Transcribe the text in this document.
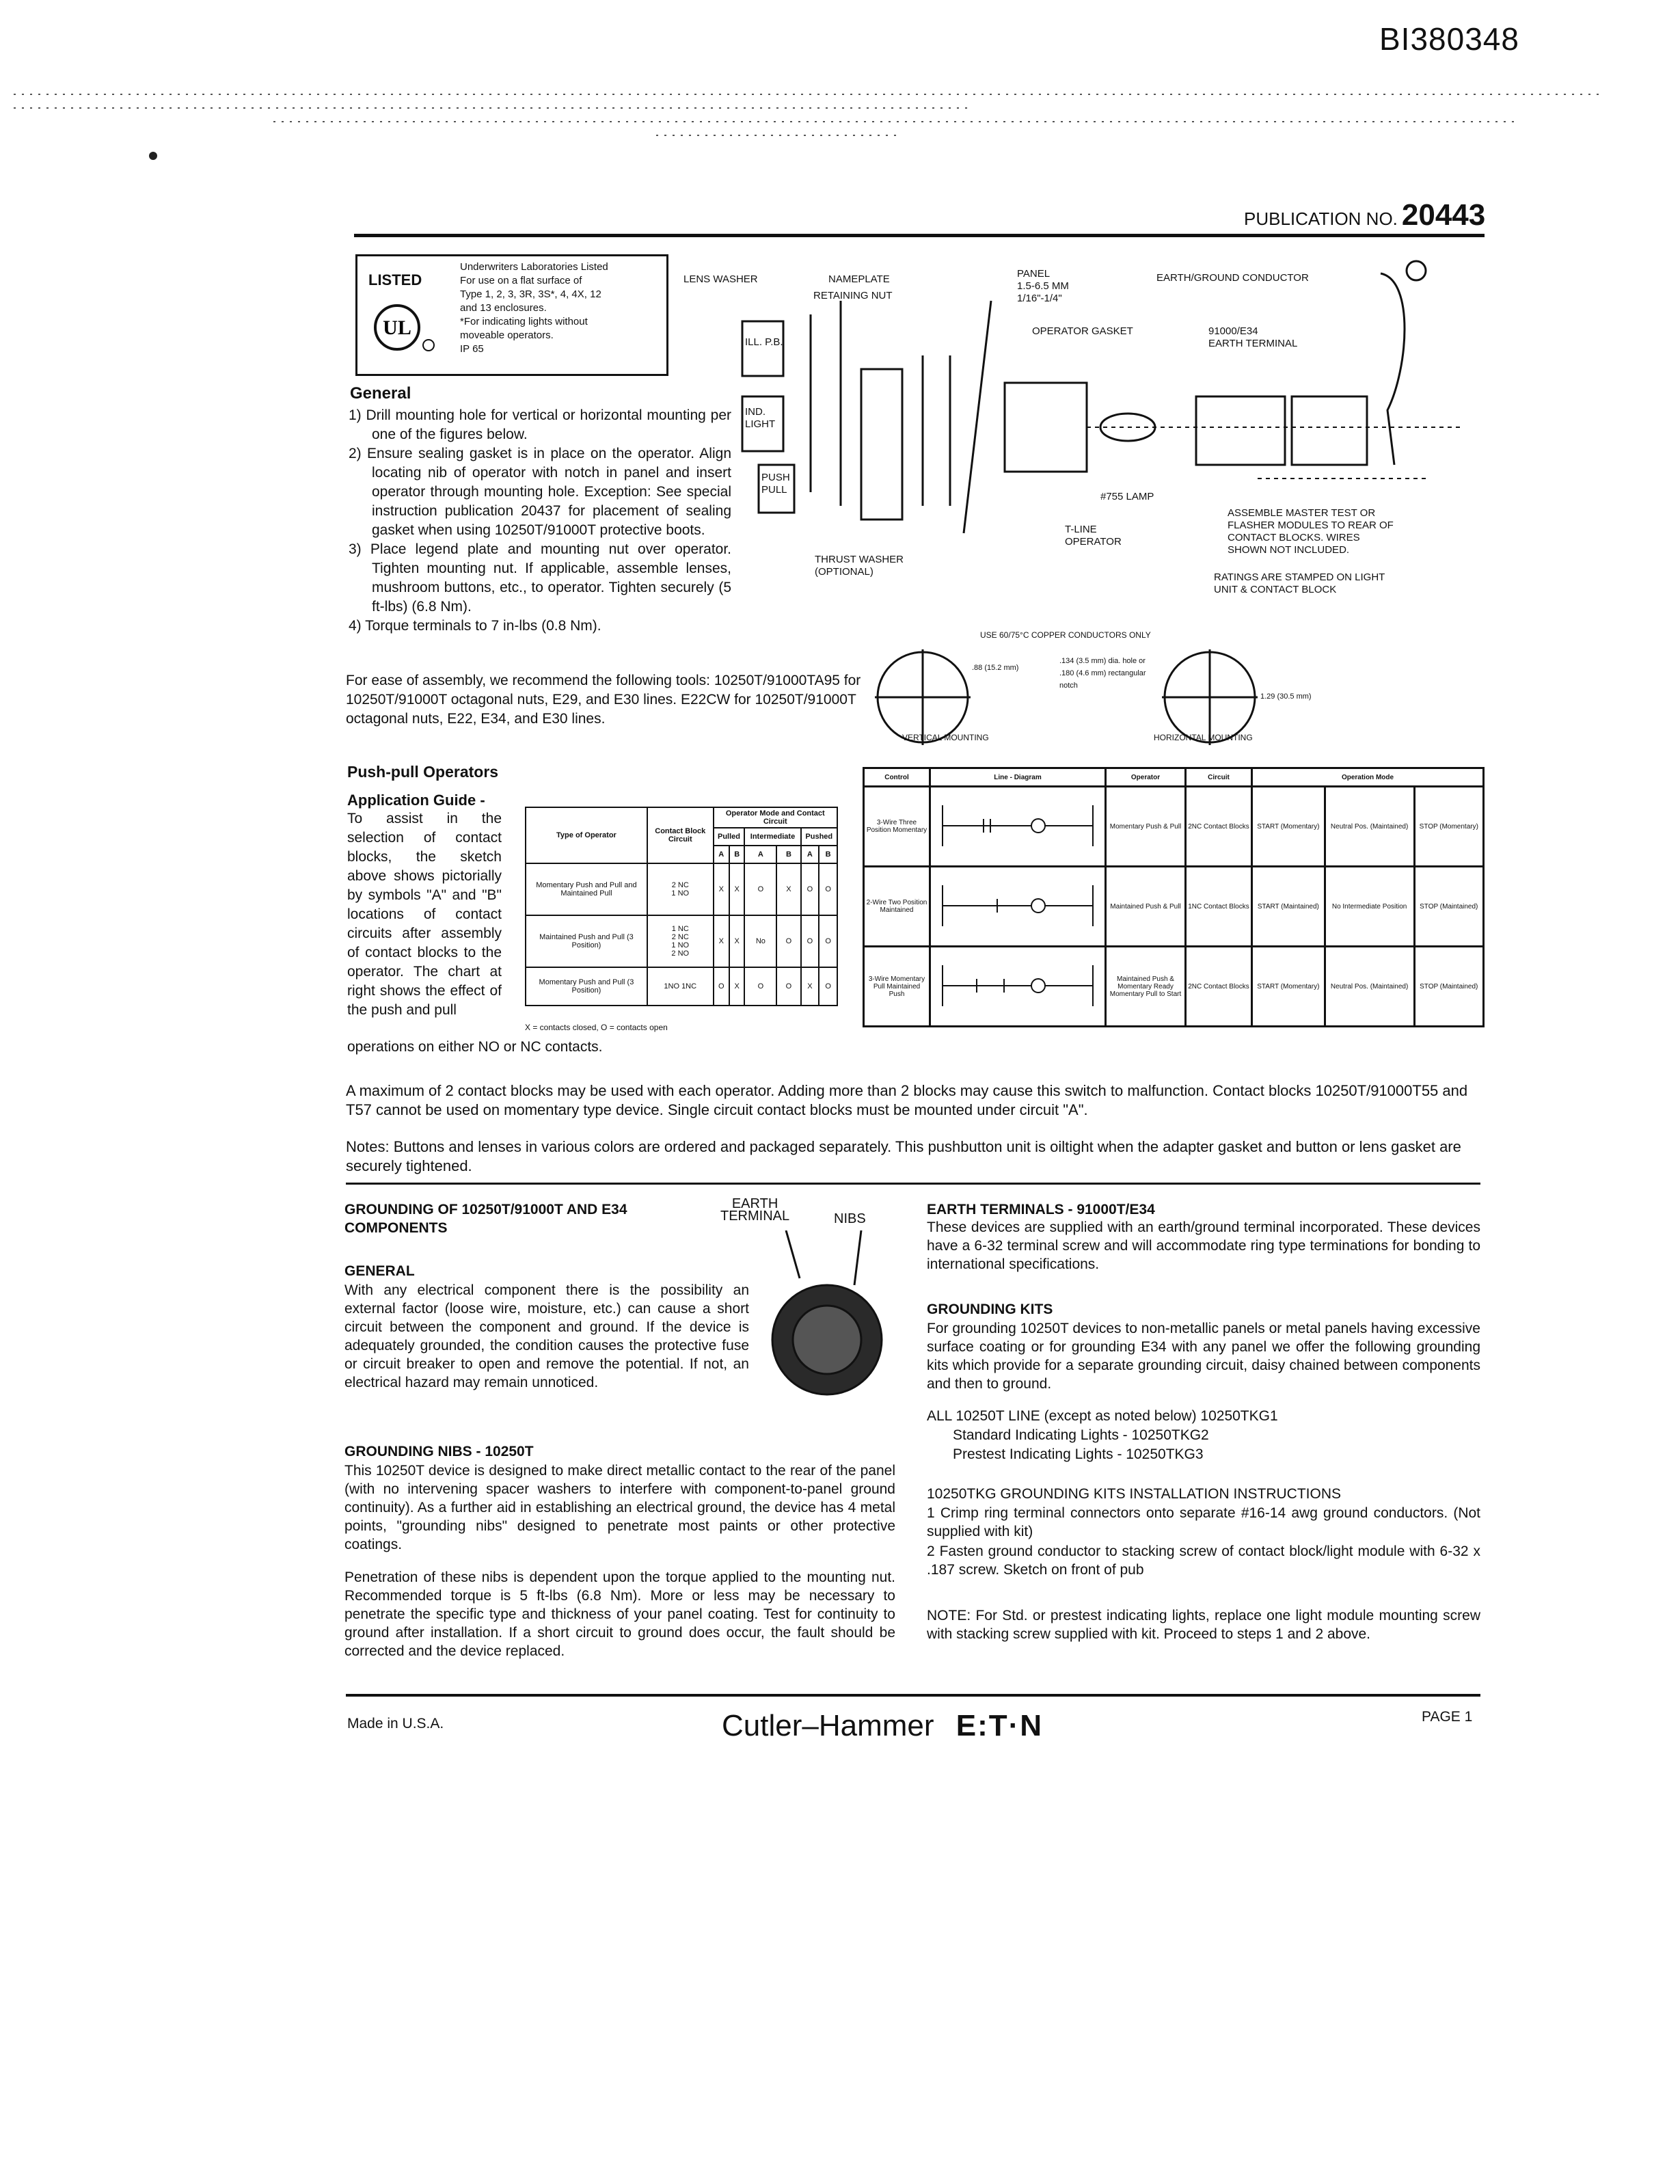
BI380348
PUBLICATION NO. 20443
LISTED
UL
Underwriters Laboratories Listed
For use on a flat surface of
Type 1, 2, 3, 3R, 3S*, 4, 4X, 12
and 13 enclosures.
*For indicating lights without
moveable operators.
IP 65
General
1) Drill mounting hole for vertical or horizontal mounting per one of the figures below.
2) Ensure sealing gasket is in place on the operator. Align locating nib of operator with notch in panel and insert operator through mounting hole. Exception: See special instruction publication 20437 for placement of sealing gasket when using 10250T/91000T protective boots.
3) Place legend plate and mounting nut over operator. Tighten mounting nut. If applicable, assemble lenses, mushroom buttons, etc., to operator. Tighten securely (5 ft-lbs) (6.8 Nm).
4) Torque terminals to 7 in-lbs (0.8 Nm).
For ease of assembly, we recommend the following tools: 10250T/91000TA95 for 10250T/91000T octagonal nuts, E29, and E30 lines. E22CW for 10250T/91000T octagonal nuts, E22, E34, and E30 lines.
LENS WASHER	NAMEPLATE
RETAINING NUT
PANEL
1.5-6.5 MM
1/16"-1/4"
EARTH/GROUND CONDUCTOR
OPERATOR GASKET	91000/E34
EARTH TERMINAL
ILL. P.B.
IND.
LIGHT
PUSH
PULL
THRUST WASHER
(OPTIONAL)
#755 LAMP
T-LINE
OPERATOR
ASSEMBLE MASTER TEST OR
FLASHER MODULES TO REAR OF
CONTACT BLOCKS. WIRES
SHOWN NOT INCLUDED.
RATINGS ARE STAMPED ON LIGHT
UNIT & CONTACT BLOCK
USE 60/75°C COPPER CONDUCTORS ONLY
.88 (15.2 mm)
.134 (3.5 mm) dia. hole or
.180 (4.6 mm) rectangular
notch
1.29 (30.5 mm)
VERTICAL MOUNTING	HORIZONTAL MOUNTING
Push-pull Operators
Application Guide -
To assist in the selection of contact blocks, the sketch above shows pictorially by symbols "A" and "B" locations of contact circuits after assembly of contact blocks to the operator. The chart at right shows the effect of the push and pull
operations on either NO or NC contacts.
Type of Operator	Contact Block Circuit	Operator Mode and Contact Circuit					
		Pulled		Intermediate		Pushed	
		A	B	A	B	A	B
Momentary Push and Pull and Maintained Pull	2 NC
1 NO	X	X	O	X	O	O
Maintained Push and Pull (3 Position)	1 NC
2 NC
1 NO
2 NO	X	X	No	O	O	O
Momentary Push and Pull (3 Position)	1NO 1NC	O	X	O	O	X	O
X = contacts closed, O = contacts open
Control	Line - Diagram	Operator	Circuit	Operation Mode		
3-Wire Three Position Momentary		Momentary Push & Pull	2NC Contact Blocks	START (Momentary)	Neutral Pos. (Maintained)	STOP (Momentary)
2-Wire Two Position Maintained		Maintained Push & Pull	1NC Contact Blocks	START (Maintained)	No Intermediate Position	STOP (Maintained)
3-Wire Momentary Pull Maintained Push		Maintained Push & Momentary Ready Momentary Pull to Start	2NC Contact Blocks	START (Momentary)	Neutral Pos. (Maintained)	STOP (Maintained)
A maximum of 2 contact blocks may be used with each operator. Adding more than 2 blocks may cause this switch to malfunction. Contact blocks 10250T/91000T55 and T57 cannot be used on momentary type device. Single circuit contact blocks must be mounted under circuit "A".
Notes: Buttons and lenses in various colors are ordered and packaged separately. This pushbutton unit is oiltight when the adapter gasket and button or lens gasket are securely tightened.
GROUNDING OF 10250T/91000T AND E34 COMPONENTS
EARTH
TERMINAL	NIBS
GENERAL
With any electrical component there is the possibility an external factor (loose wire, moisture, etc.) can cause a short circuit between the component and ground. If the device is adequately grounded, the condition causes the protective fuse or circuit breaker to open and remove the potential. If not, an electrical hazard may remain unnoticed.
GROUNDING NIBS - 10250T
This 10250T device is designed to make direct metallic contact to the rear of the panel (with no intervening spacer washers to interfere with component-to-panel ground continuity). As a further aid in establishing an electrical ground, the device has 4 metal points, "grounding nibs" designed to penetrate most paints or other protective coatings.
Penetration of these nibs is dependent upon the torque applied to the mounting nut. Recommended torque is 5 ft-lbs (6.8 Nm). More or less may be necessary to penetrate the specific type and thickness of your panel coating. Test for continuity to ground after installation. If a short circuit to ground does occur, the fault should be corrected and the device replaced.
EARTH TERMINALS - 91000T/E34
These devices are supplied with an earth/ground terminal incorporated. These devices have a 6-32 terminal screw and will accommodate ring type terminations for bonding to international specifications.
GROUNDING KITS
For grounding 10250T devices to non-metallic panels or metal panels having excessive surface coating or for grounding E34 with any panel we offer the following grounding kits which provide for a separate grounding circuit, daisy chained between components and then to ground.
ALL 10250T LINE (except as noted below) 10250TKG1
Standard Indicating Lights - 10250TKG2
Prestest Indicating Lights - 10250TKG3
10250TKG GROUNDING KITS INSTALLATION INSTRUCTIONS
1 Crimp ring terminal connectors onto separate #16-14 awg ground conductors. (Not supplied with kit)
2 Fasten ground conductor to stacking screw of contact block/light module with 6-32 x .187 screw. Sketch on front of pub
NOTE: For Std. or prestest indicating lights, replace one light module mounting screw with stacking screw supplied with kit. Proceed to steps 1 and 2 above.
Made in U.S.A.	Cutler–Hammer E:T·N	PAGE 1
